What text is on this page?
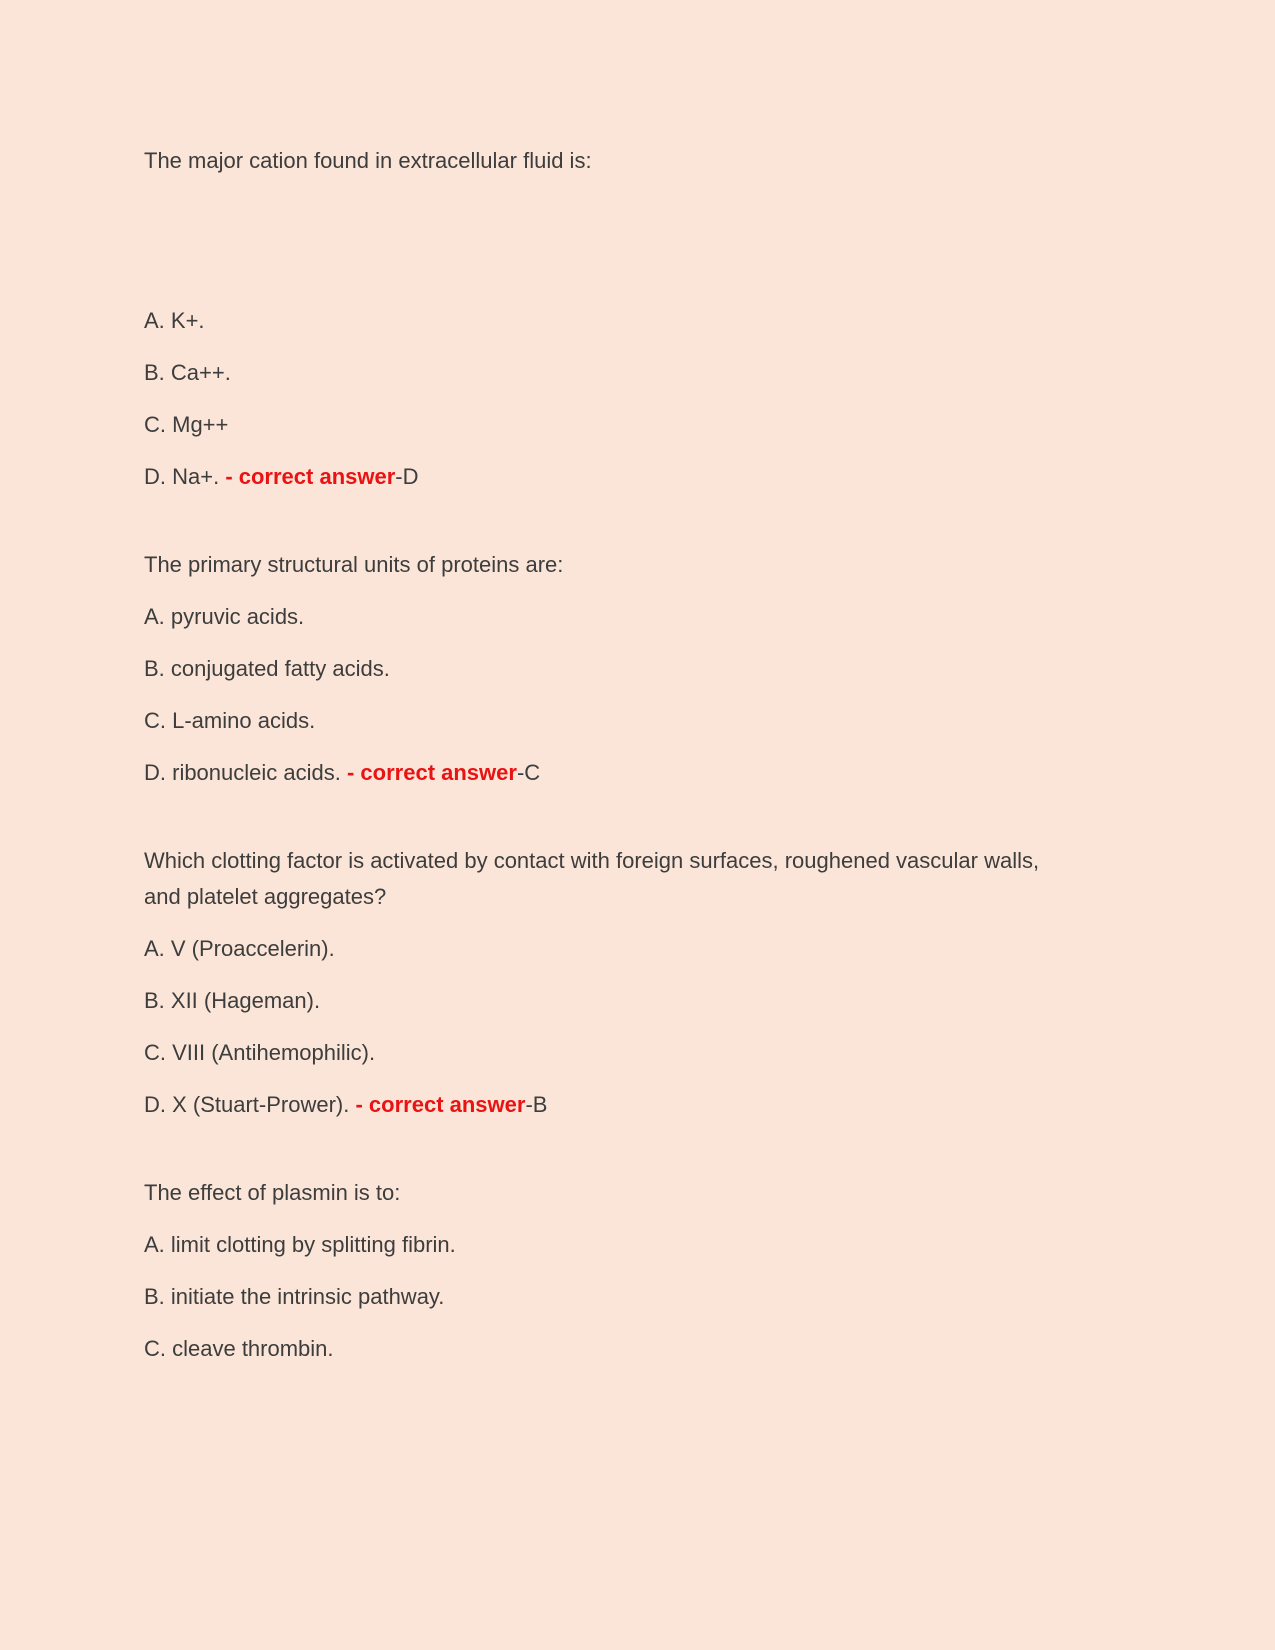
The major cation found in extracellular fluid is:

A. K+.

B. Ca++.

C. Mg++

D. Na+. - correct answer-D

The primary structural units of proteins are:

A. pyruvic acids.

B. conjugated fatty acids.

C. L-amino acids.

D. ribonucleic acids. - correct answer-C

Which clotting factor is activated by contact with foreign surfaces, roughened vascular walls, and platelet aggregates?

A. V (Proaccelerin).

B. XII (Hageman).

C. VIII (Antihemophilic).

D. X (Stuart-Prower). - correct answer-B

The effect of plasmin is to:

A. limit clotting by splitting fibrin.

B. initiate the intrinsic pathway.

C. cleave thrombin.
